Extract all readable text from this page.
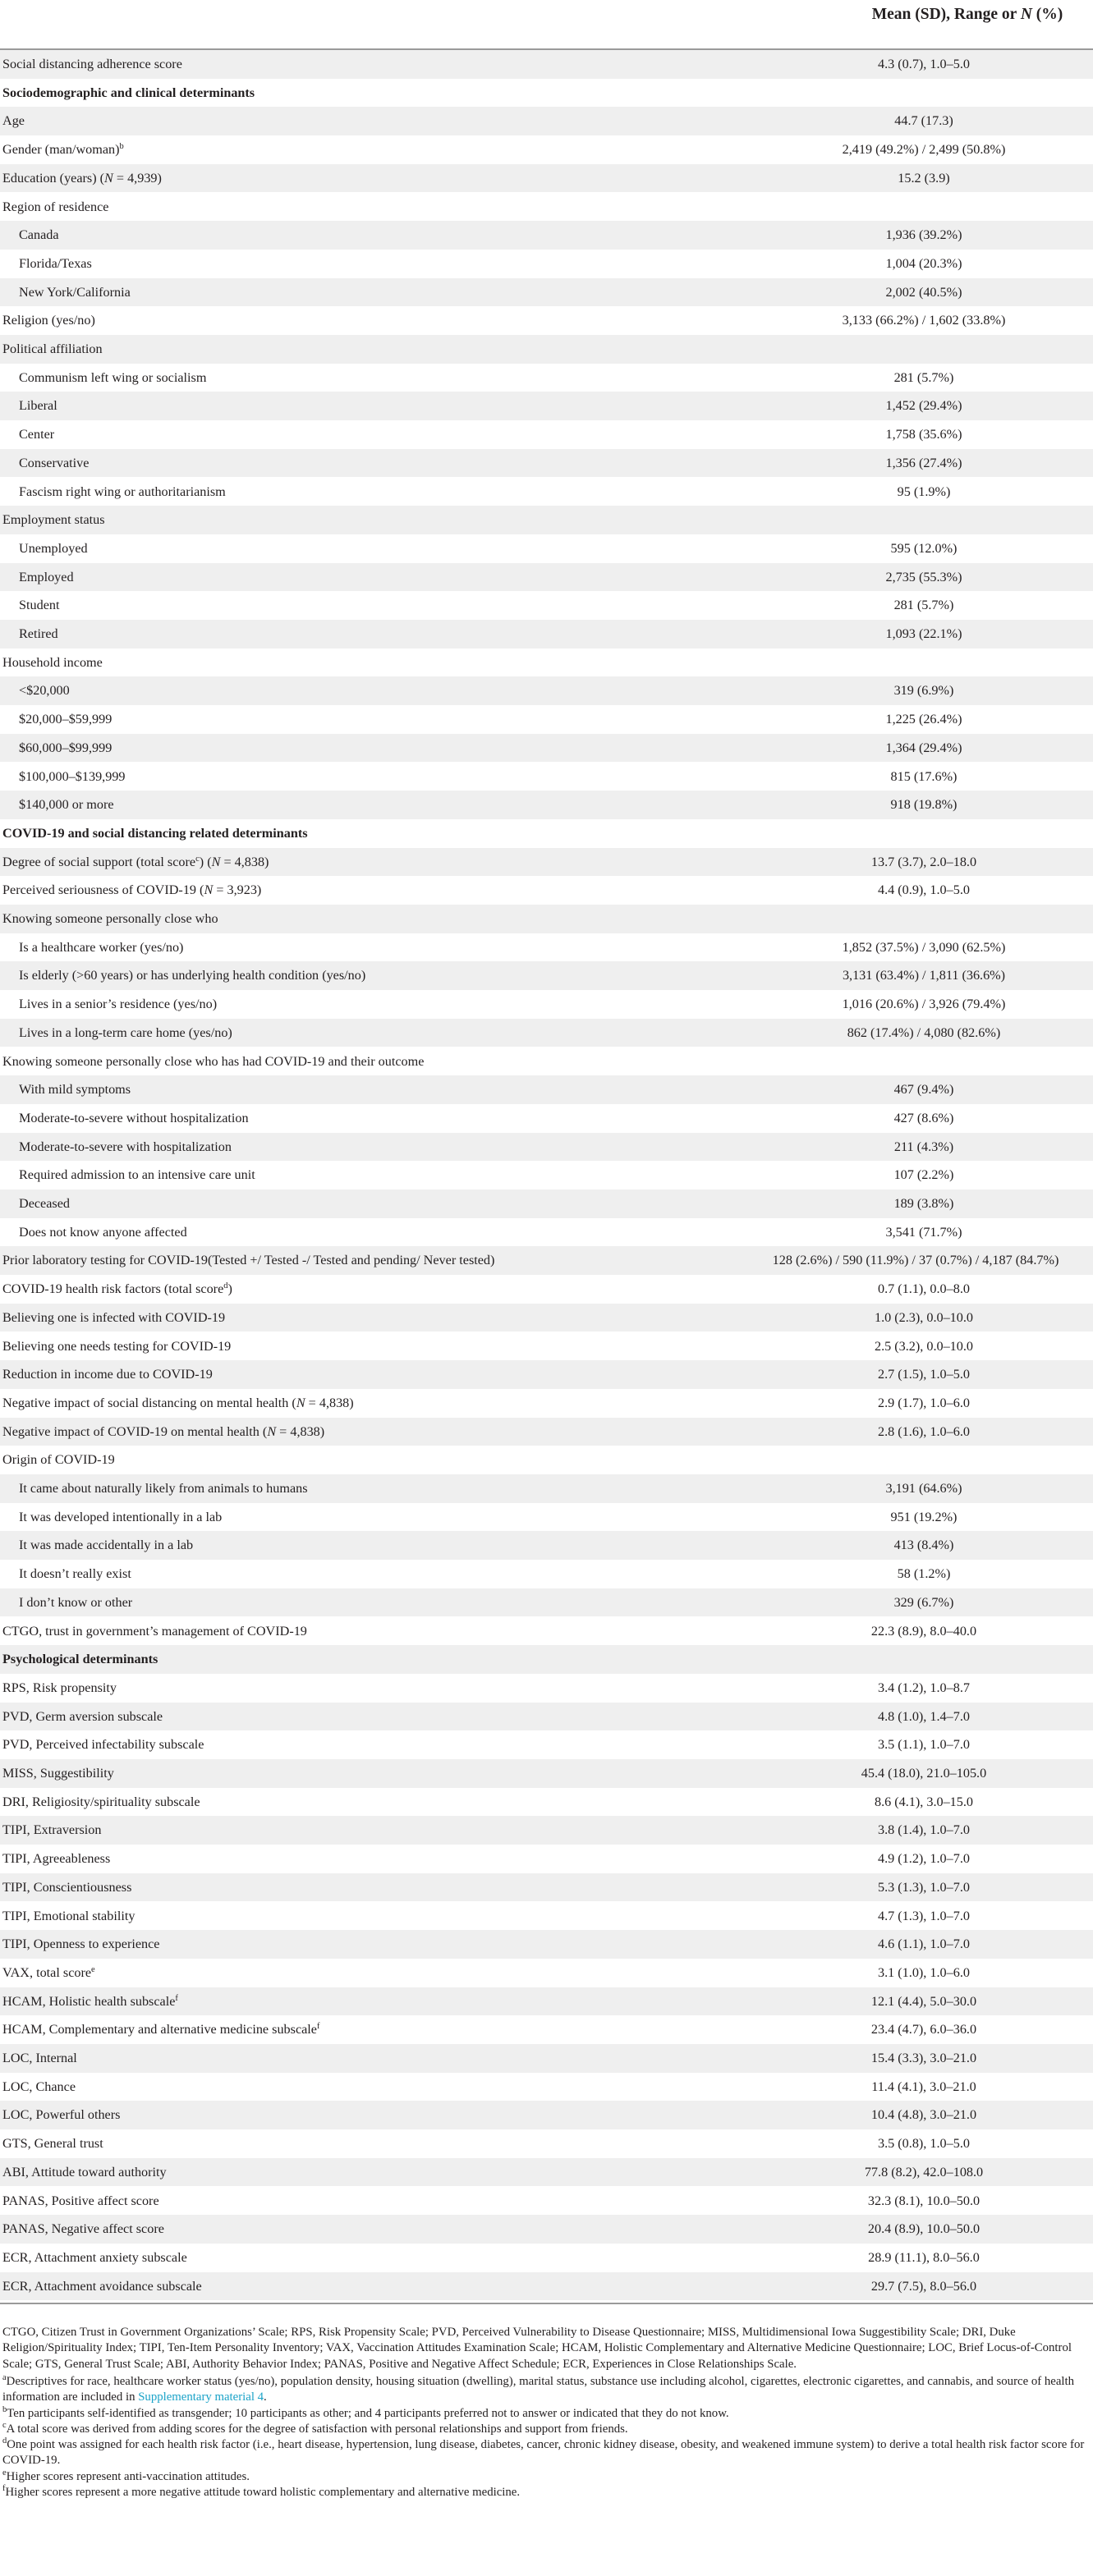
Mean (SD), Range or N (%)
Social distancing adherence score	4.3 (0.7), 1.0–5.0
Sociodemographic and clinical determinants
Age	44.7 (17.3)
Gender (man/woman)$^b$	2,419 (49.2%) / 2,499 (50.8%)
Education (years) (N = 4,939)	15.2 (3.9)
Region of residence
Canada	1,936 (39.2%)
Florida/Texas	1,004 (20.3%)
New York/California	2,002 (40.5%)
Religion (yes/no)	3,133 (66.2%) / 1,602 (33.8%)
Political affiliation
Communism left wing or socialism	281 (5.7%)
Liberal	1,452 (29.4%)
Center	1,758 (35.6%)
Conservative	1,356 (27.4%)
Fascism right wing or authoritarianism	95 (1.9%)
Employment status
Unemployed	595 (12.0%)
Employed	2,735 (55.3%)
Student	281 (5.7%)
Retired	1,093 (22.1%)
Household income
<$20,000	319 (6.9%)
$20,000–$59,999	1,225 (26.4%)
$60,000–$99,999	1,364 (29.4%)
$100,000–$139,999	815 (17.6%)
$140,000 or more	918 (19.8%)
COVID-19 and social distancing related determinants
Degree of social support (total score$^c$) (N = 4,838)	13.7 (3.7), 2.0–18.0
Perceived seriousness of COVID-19 (N = 3,923)	4.4 (0.9), 1.0–5.0
Knowing someone personally close who
Is a healthcare worker (yes/no)	1,852 (37.5%) / 3,090 (62.5%)
Is elderly (>60 years) or has underlying health condition (yes/no)	3,131 (63.4%) / 1,811 (36.6%)
Lives in a senior’s residence (yes/no)	1,016 (20.6%) / 3,926 (79.4%)
Lives in a long-term care home (yes/no)	862 (17.4%) / 4,080 (82.6%)
Knowing someone personally close who has had COVID-19 and their outcome
With mild symptoms	467 (9.4%)
Moderate-to-severe without hospitalization	427 (8.6%)
Moderate-to-severe with hospitalization	211 (4.3%)
Required admission to an intensive care unit	107 (2.2%)
Deceased	189 (3.8%)
Does not know anyone affected	3,541 (71.7%)
Prior laboratory testing for COVID-19(Tested +/ Tested -/ Tested and pending/ Never tested)	128 (2.6%) / 590 (11.9%) / 37 (0.7%) / 4,187 (84.7%)
COVID-19 health risk factors (total score$^d$)	0.7 (1.1), 0.0–8.0
Believing one is infected with COVID-19	1.0 (2.3), 0.0–10.0
Believing one needs testing for COVID-19	2.5 (3.2), 0.0–10.0
Reduction in income due to COVID-19	2.7 (1.5), 1.0–5.0
Negative impact of social distancing on mental health (N = 4,838)	2.9 (1.7), 1.0–6.0
Negative impact of COVID-19 on mental health (N = 4,838)	2.8 (1.6), 1.0–6.0
Origin of COVID-19
It came about naturally likely from animals to humans	3,191 (64.6%)
It was developed intentionally in a lab	951 (19.2%)
It was made accidentally in a lab	413 (8.4%)
It doesn’t really exist	58 (1.2%)
I don’t know or other	329 (6.7%)
CTGO, trust in government’s management of COVID-19	22.3 (8.9), 8.0–40.0
Psychological determinants
RPS, Risk propensity	3.4 (1.2), 1.0–8.7
PVD, Germ aversion subscale	4.8 (1.0), 1.4–7.0
PVD, Perceived infectability subscale	3.5 (1.1), 1.0–7.0
MISS, Suggestibility	45.4 (18.0), 21.0–105.0
DRI, Religiosity/spirituality subscale	8.6 (4.1), 3.0–15.0
TIPI, Extraversion	3.8 (1.4), 1.0–7.0
TIPI, Agreeableness	4.9 (1.2), 1.0–7.0
TIPI, Conscientiousness	5.3 (1.3), 1.0–7.0
TIPI, Emotional stability	4.7 (1.3), 1.0–7.0
TIPI, Openness to experience	4.6 (1.1), 1.0–7.0
VAX, total score$^e$	3.1 (1.0), 1.0–6.0
HCAM, Holistic health subscale$^f$	12.1 (4.4), 5.0–30.0
HCAM, Complementary and alternative medicine subscale$^f$	23.4 (4.7), 6.0–36.0
LOC, Internal	15.4 (3.3), 3.0–21.0
LOC, Chance	11.4 (4.1), 3.0–21.0
LOC, Powerful others	10.4 (4.8), 3.0–21.0
GTS, General trust	3.5 (0.8), 1.0–5.0
ABI, Attitude toward authority	77.8 (8.2), 42.0–108.0
PANAS, Positive affect score	32.3 (8.1), 10.0–50.0
PANAS, Negative affect score	20.4 (8.9), 10.0–50.0
ECR, Attachment anxiety subscale	28.9 (11.1), 8.0–56.0
ECR, Attachment avoidance subscale	29.7 (7.5), 8.0–56.0
CTGO, Citizen Trust in Government Organizations’ Scale; RPS, Risk Propensity Scale; PVD, Perceived Vulnerability to Disease Questionnaire; MISS, Multidimensional Iowa Suggestibility Scale; DRI, Duke Religion/Spirituality Index; TIPI, Ten-Item Personality Inventory; VAX, Vaccination Attitudes Examination Scale; HCAM, Holistic Complementary and Alternative Medicine Questionnaire; LOC, Brief Locus-of-Control Scale; GTS, General Trust Scale; ABI, Authority Behavior Index; PANAS, Positive and Negative Affect Schedule; ECR, Experiences in Close Relationships Scale.
$^a$Descriptives for race, healthcare worker status (yes/no), population density, housing situation (dwelling), marital status, substance use including alcohol, cigarettes, electronic cigarettes, and cannabis, and source of health information are included in Supplementary material 4.
$^b$Ten participants self-identified as transgender; 10 participants as other; and 4 participants preferred not to answer or indicated that they do not know.
$^c$A total score was derived from adding scores for the degree of satisfaction with personal relationships and support from friends.
$^d$One point was assigned for each health risk factor (i.e., heart disease, hypertension, lung disease, diabetes, cancer, chronic kidney disease, obesity, and weakened immune system) to derive a total health risk factor score for COVID-19.
$^e$Higher scores represent anti-vaccination attitudes.
$^f$Higher scores represent a more negative attitude toward holistic complementary and alternative medicine.
